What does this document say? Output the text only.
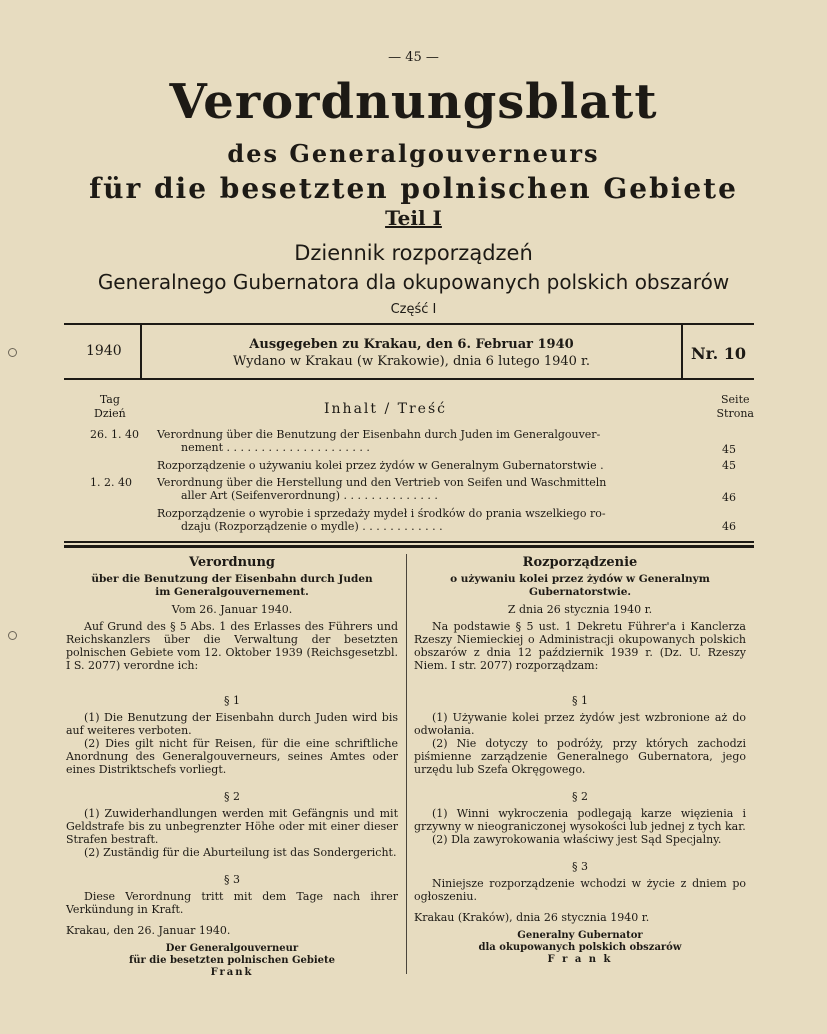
— 45 —
Verordnungsblatt
des Generalgouverneurs
für die besetzten polnischen Gebiete
Teil I
Dziennik rozporządzeń
Generalnego Gubernatora dla okupowanych polskich obszarów
Część I
1940	Ausgegeben zu Krakau, den 6. Februar 1940
Wydano w Krakau (w Krakowie), dnia 6 lutego 1940 r.	Nr. 10
Tag
Dzień	Inhalt / Treść
Seite
Strona
26. 1. 40 Verordnung über die Benutzung der Eisenbahn durch Juden im Generalgouver-
nement . . . . . . . . . . . . . . . . . . . . .	45
Rozporządzenie o używaniu kolei przez żydów w Generalnym Gubernatorstwie .	45
1. 2. 40 Verordnung über die Herstellung und den Vertrieb von Seifen und Waschmitteln
aller Art (Seifenverordnung) . . . . . . . . . . . . . .	46
Rozporządzenie o wyrobie i sprzedaży mydeł i środków do prania wszelkiego ro-
dzaju (Rozporządzenie o mydle) . . . . . . . . . . . .	46
Verordnung
über die Benutzung der Eisenbahn durch Juden
im Generalgouvernement.
Vom 26. Januar 1940.

Auf Grund des § 5 Abs. 1 des Erlasses des Führers und Reichskanzlers über die Verwaltung der besetzten polnischen Gebiete vom 12. Oktober 1939 (Reichsgesetzbl. I S. 2077) verordne ich:

§ 1

(1) Die Benutzung der Eisenbahn durch Juden wird bis auf weiteres verboten.

(2) Dies gilt nicht für Reisen, für die eine schriftliche Anordnung des Generalgouverneurs, seines Amtes oder eines Distriktschefs vorliegt.

§ 2

(1) Zuwiderhandlungen werden mit Gefängnis und mit Geldstrafe bis zu unbegrenzter Höhe oder mit einer dieser Strafen bestraft.

(2) Zuständig für die Aburteilung ist das Sondergericht.

§ 3

Diese Verordnung tritt mit dem Tage nach ihrer Verkündung in Kraft.

Krakau, den 26. Januar 1940.
Der Generalgouverneur
für die besetzten polnischen Gebiete
Frank
Rozporządzenie
o używaniu kolei przez żydów w Generalnym
Gubernatorstwie.
Z dnia 26 stycznia 1940 r.

Na podstawie § 5 ust. 1 Dekretu Führer'a i Kanclerza Rzeszy Niemieckiej o Administracji okupowanych polskich obszarów z dnia 12 październik 1939 r. (Dz. U. Rzeszy Niem. I str. 2077) rozporządzam:

§ 1

(1) Używanie kolei przez żydów jest wzbronione aż do odwołania.

(2) Nie dotyczy to podróży, przy których zachodzi piśmienne zarządzenie Generalnego Gubernatora, jego urzędu lub Szefa Okręgowego.

§ 2

(1) Winni wykroczenia podlegają karze więzienia i grzywny w nieograniczonej wysokości lub jednej z tych kar.

(2) Dla zawyrokowania właściwy jest Sąd Specjalny.

§ 3

Niniejsze rozporządzenie wchodzi w życie z dniem po ogłoszeniu.

Krakau (Kraków), dnia 26 stycznia 1940 r.
Generalny Gubernator
dla okupowanych polskich obszarów
F r a n k
